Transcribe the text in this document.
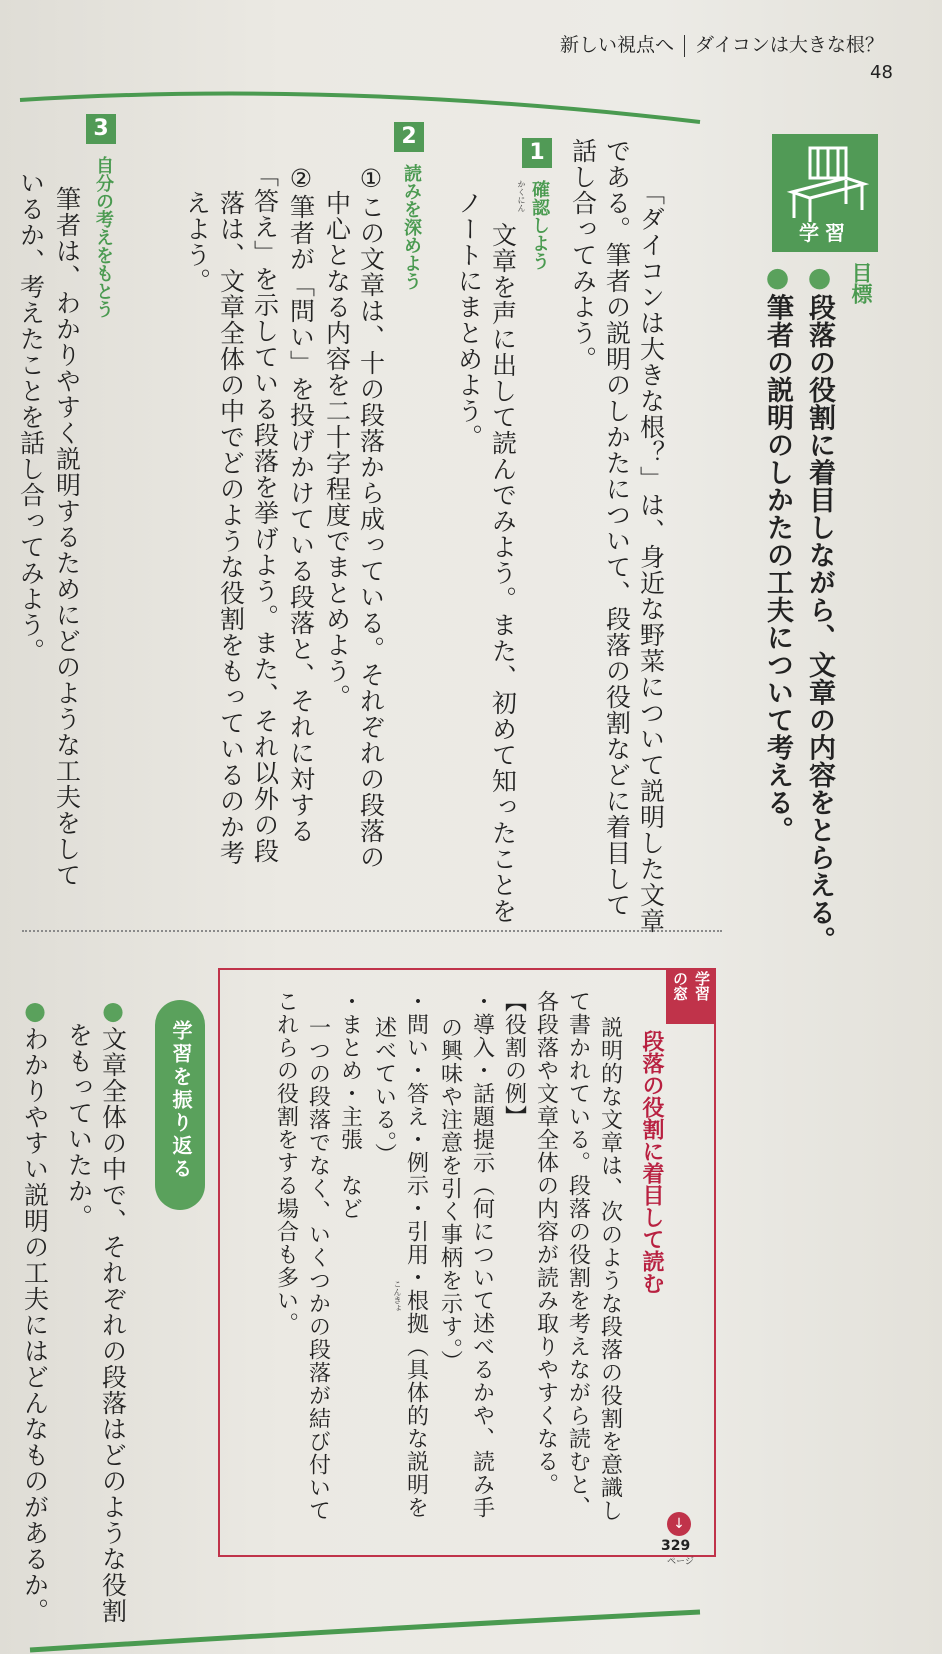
新しい視点へ ダイコンは大きな根？
48
学習
目標
●段落の役割に着目しながら、文章の内容をとらえる。
●筆者の説明のしかたの工夫について考える。
「ダイコンは大きな根？」は、身近な野菜について説明した文章
である。筆者の説明のしかたについて、段落の役割などに着目して
話し合ってみよう。
1
確認しよう
かくにん
文章を声に出して読んでみよう。また、初めて知ったことを
ノートにまとめよう。
2
読みを深めよう
①この文章は、十の段落から成っている。それぞれの段落の
中心となる内容を二十字程度でまとめよう。
②筆者が「問い」を投げかけている段落と、それに対する
「答え」を示している段落を挙げよう。また、それ以外の段
落は、文章全体の中でどのような役割をもっているのか考
えよう。
3
自分の考えをもとう
筆者は、わかりやすく説明するためにどのような工夫をして
いるか、考えたことを話し合ってみよう。
学習
の窓
段落の役割に着目して読む
説明的な文章は、次のような段落の役割を意識し
て書かれている。段落の役割を考えながら読むと、
各段落や文章全体の内容が読み取りやすくなる。
【役割の例】
・導入・話題提示（何について述べるかや、読み手
の興味や注意を引く事柄を示す。）
・問い・答え・例示・引用・根拠（具体的な説明を
こんきょ
述べている。）
・まとめ・主張　など
一つの段落でなく、いくつかの段落が結び付いて
これらの役割をする場合も多い。
↓
329
ページ
学習を振り返る
●文章全体の中で、それぞれの段落はどのような役割
をもっていたか。
●わかりやすい説明の工夫にはどんなものがあるか。
